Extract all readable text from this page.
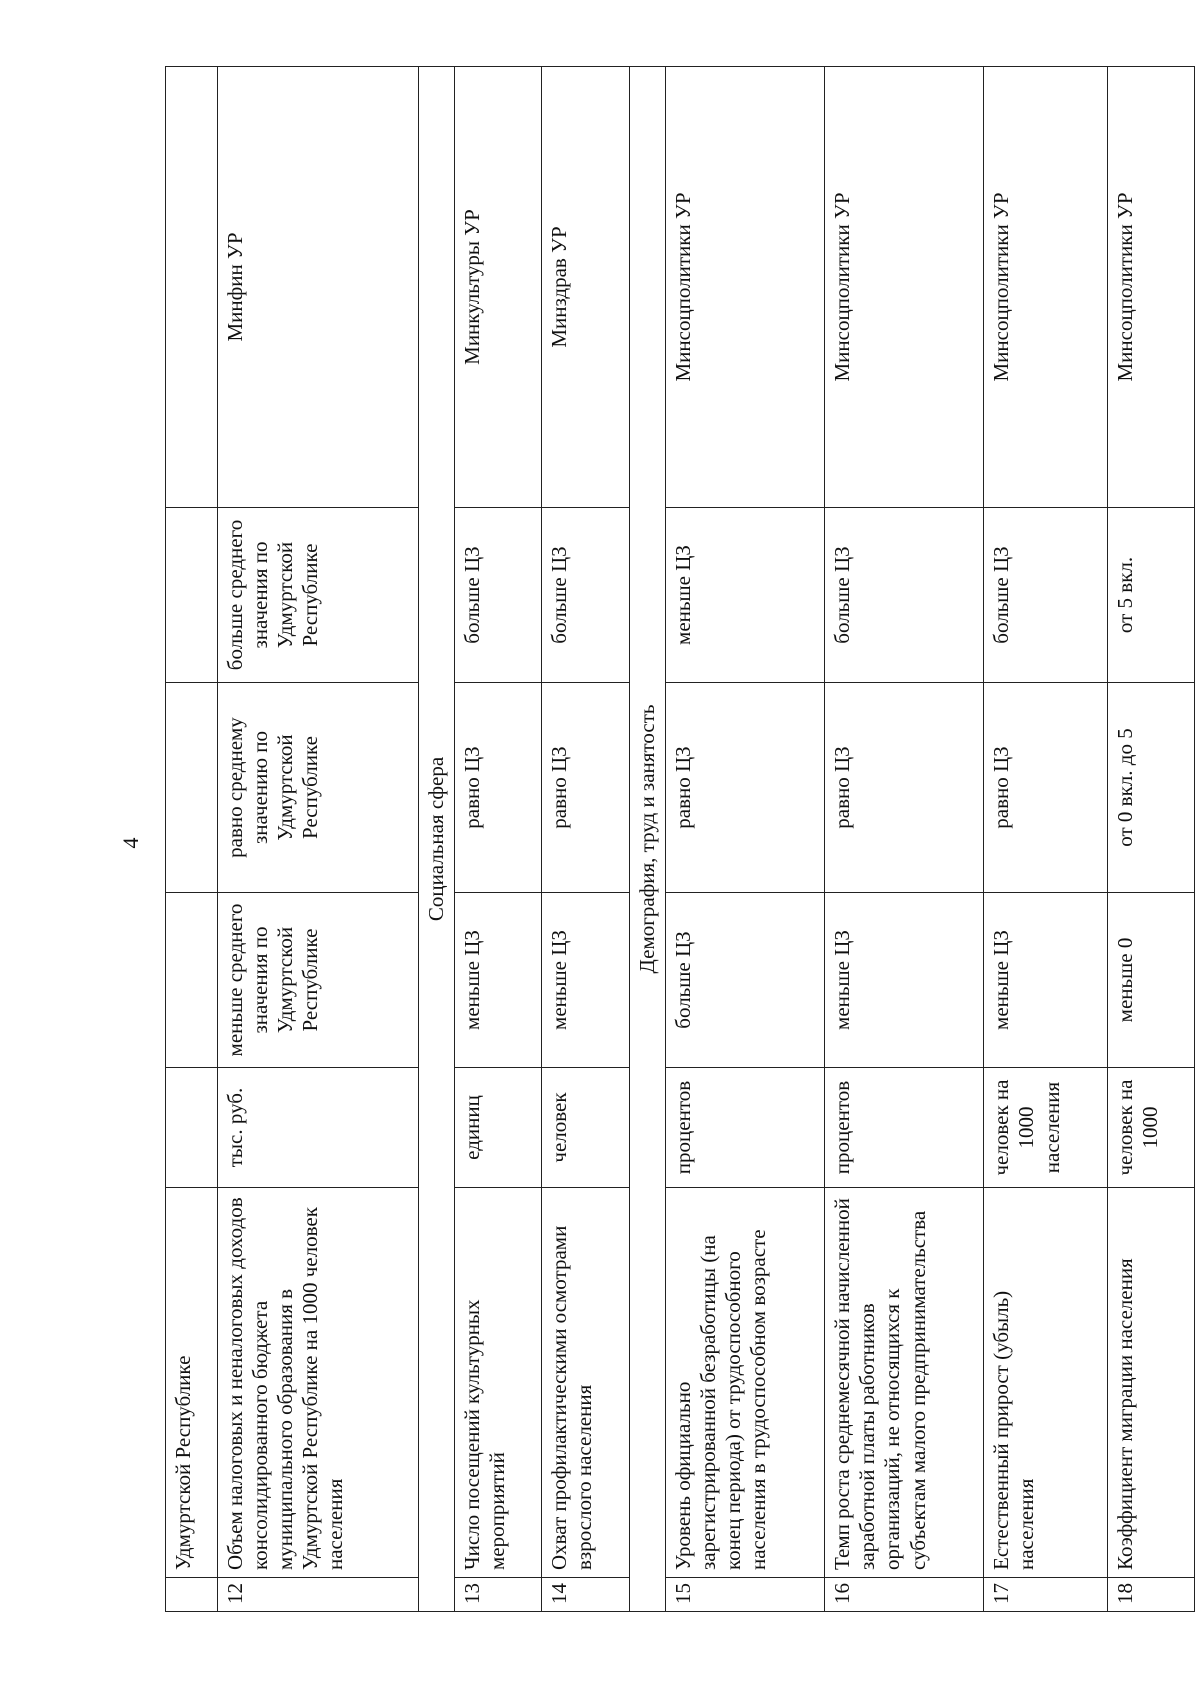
4
	Удмуртской Республике					
12	Объем налоговых и неналоговых доходов консолидированного бюджета муниципального образования в Удмуртской Республике на 1000 человек населения	тыс. руб.	меньше среднего значения по Удмуртской Республике	равно среднему значению по Удмуртской Республике	больше среднего значения по Удмуртской Республике	Минфин УР
Социальная сфера						
13	Число посещений культурных мероприятий	единиц	меньше ЦЗ	равно ЦЗ	больше ЦЗ	Минкультуры УР
14	Охват профилактическими осмотрами взрослого населения	человек	меньше ЦЗ	равно ЦЗ	больше ЦЗ	Минздрав УР
Демография, труд и занятость						
15	Уровень официально зарегистрированной безработицы (на конец периода) от трудоспособного населения в трудоспособном возрасте	процентов	больше ЦЗ	равно ЦЗ	меньше ЦЗ	Минсоцполитики УР
16	Темп роста среднемесячной начисленной заработной платы работников организаций, не относящихся к субъектам малого предпринимательства	процентов	меньше ЦЗ	равно ЦЗ	больше ЦЗ	Минсоцполитики УР
17	Естественный прирост (убыль) населения	человек на 1000 населения	меньше ЦЗ	равно ЦЗ	больше ЦЗ	Минсоцполитики УР
18	Коэффициент миграции населения	человек на 1000	меньше 0	от 0 вкл. до 5	от 5 вкл.	Минсоцполитики УР
